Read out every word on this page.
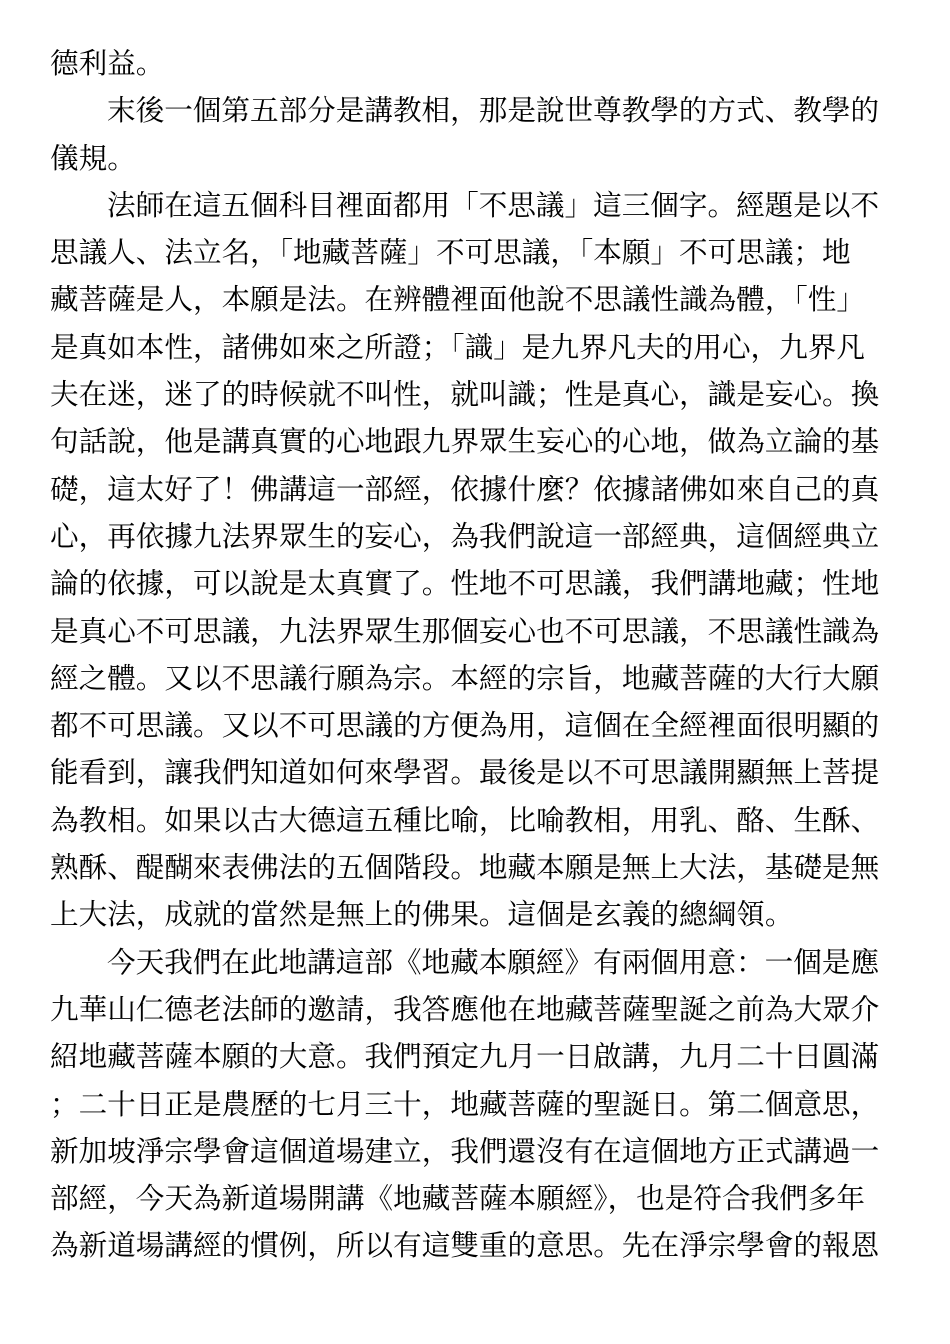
德利益。
末後一個第五部分是講教相，那是說世尊教學的方式、教學的
儀規。
法師在這五個科目裡面都用「不思議」這三個字。經題是以不
思議人、法立名，「地藏菩薩」不可思議，「本願」不可思議；地
藏菩薩是人，本願是法。在辨體裡面他說不思議性識為體，「性」
是真如本性，諸佛如來之所證；「識」是九界凡夫的用心，九界凡
夫在迷，迷了的時候就不叫性，就叫識；性是真心，識是妄心。換
句話說，他是講真實的心地跟九界眾生妄心的心地，做為立論的基
礎，這太好了！佛講這一部經，依據什麼？依據諸佛如來自己的真
心，再依據九法界眾生的妄心，為我們說這一部經典，這個經典立
論的依據，可以說是太真實了。性地不可思議，我們講地藏；性地
是真心不可思議，九法界眾生那個妄心也不可思議，不思議性識為
經之體。又以不思議行願為宗。本經的宗旨，地藏菩薩的大行大願
都不可思議。又以不可思議的方便為用，這個在全經裡面很明顯的
能看到，讓我們知道如何來學習。最後是以不可思議開顯無上菩提
為教相。如果以古大德這五種比喻，比喻教相，用乳、酪、生酥、
熟酥、醍醐來表佛法的五個階段。地藏本願是無上大法，基礎是無
上大法，成就的當然是無上的佛果。這個是玄義的總綱領。
今天我們在此地講這部《地藏本願經》有兩個用意：一個是應
九華山仁德老法師的邀請，我答應他在地藏菩薩聖誕之前為大眾介
紹地藏菩薩本願的大意。我們預定九月一日啟講，九月二十日圓滿
；二十日正是農歷的七月三十，地藏菩薩的聖誕日。第二個意思，
新加坡淨宗學會這個道場建立，我們還沒有在這個地方正式講過一
部經，今天為新道場開講《地藏菩薩本願經》，也是符合我們多年
為新道場講經的慣例，所以有這雙重的意思。先在淨宗學會的報恩
